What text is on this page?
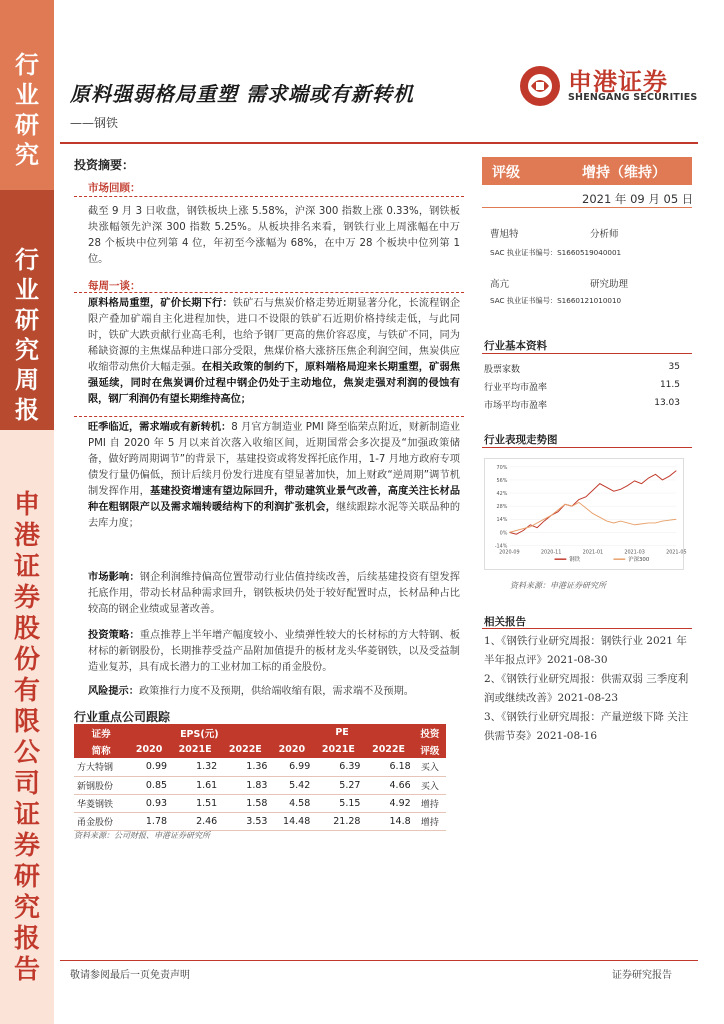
行
业
研
究
行
业
研
究
周
报
申
港
证
券
股
份
有
限
公
司
证
券
研
究
报
告
原料强弱格局重塑 需求端或有新转机
——钢铁
申港证券
SHENGANG SECURITIES
投资摘要：
市场回顾：
截至 9 月 3 日收盘，钢铁板块上涨 5.58%，沪深 300 指数上涨 0.33%，钢铁板块涨幅领先沪深 300 指数 5.25%。从板块排名来看，钢铁行业上周涨幅在中万 28 个板块中位列第 4 位，年初至今涨幅为 68%，在中万 28 个板块中位列第 1 位。
每周一谈：
原料格局重塑，矿价长期下行：铁矿石与焦炭价格走势近期显著分化，长流程钢企限产叠加矿端自主化进程加快，进口不设限的铁矿石近期价格持续走低，与此同时，铁矿大跌贡献行业高毛利，也给予钢厂更高的焦价容忍度，与铁矿不同，同为稀缺资源的主焦煤品种进口部分受限，焦煤价格大涨挤压焦企利润空间，焦炭供应收缩带动焦价大幅走强。在相关政策的制约下，原料端格局迎来长期重塑，矿弱焦强延续，同时在焦炭调价过程中钢企仍处于主动地位，焦炭走强对利润的侵蚀有限，钢厂利润仍有望长期维持高位；
旺季临近，需求端或有新转机：8 月官方制造业 PMI 降至临荣点附近，财新制造业 PMI 自 2020 年 5 月以来首次落入收缩区间，近期国常会多次提及“加强政策储备，做好跨周期调节”的背景下，基建投资或将发挥托底作用，1-7 月地方政府专项债发行量仍偏低，预计后续月份发行进度有望显著加快，加上财政“逆周期”调节机制发挥作用，基建投资增速有望边际回升，带动建筑业景气改善，高度关注长材品种在粗钢限产以及需求端转暖结构下的利润扩张机会，继续跟踪水泥等关联品种的去库力度；
市场影响：钢企利润维持偏高位置带动行业估值持续改善，后续基建投资有望发挥托底作用，带动长材品种需求回升，钢铁板块仍处于较好配置时点，长材品种占比较高的钢企业绩或显著改善。
投资策略：重点推荐上半年增产幅度较小、业绩弹性较大的长材标的方大特钢、板材标的新钢股份，长期推荐受益产品附加值提升的板材龙头华菱钢铁，以及受益制造业复苏，具有成长潜力的工业材加工标的甬金股份。
风险提示：政策推行力度不及预期，供给端收缩有限，需求端不及预期。
行业重点公司跟踪
证券	EPS(元)			PE			投资
简称	2020	2021E	2022E	2020	2021E	2022E	评级
方大特钢	0.99	1.32	1.36	6.99	6.39	6.18	买入
新钢股份	0.85	1.61	1.83	5.42	5.27	4.66	买入
华菱钢铁	0.93	1.51	1.58	4.58	5.15	4.92	增持
甬金股份	1.78	2.46	3.53	14.48	21.28	14.8	增持
资料来源：公司财报、申港证券研究所
评级	增持（维持）
2021 年 09 月 05 日
曹旭特	分析师
SAC 执业证书编号：S1660519040001
高亢	研究助理
SAC 执业证书编号：S1660121010010
行业基本资料
股票家数	35
行业平均市盈率	11.5
市场平均市盈率	13.03
行业表现走势图
70%
56%
42%
28%
14%
0%
-14%
2020-09	2020-11	2021-01	2021-03	2021-05
钢铁	沪深300
资料来源：申港证券研究所
相关报告
1、《钢铁行业研究周报：钢铁行业 2021 年半年报点评》2021-08-30
2、《钢铁行业研究周报：供需双弱 三季度利润或继续改善》2021-08-23
3、《钢铁行业研究周报：产量逆级下降 关注供需节奏》2021-08-16
敬请参阅最后一页免责声明	证券研究报告
